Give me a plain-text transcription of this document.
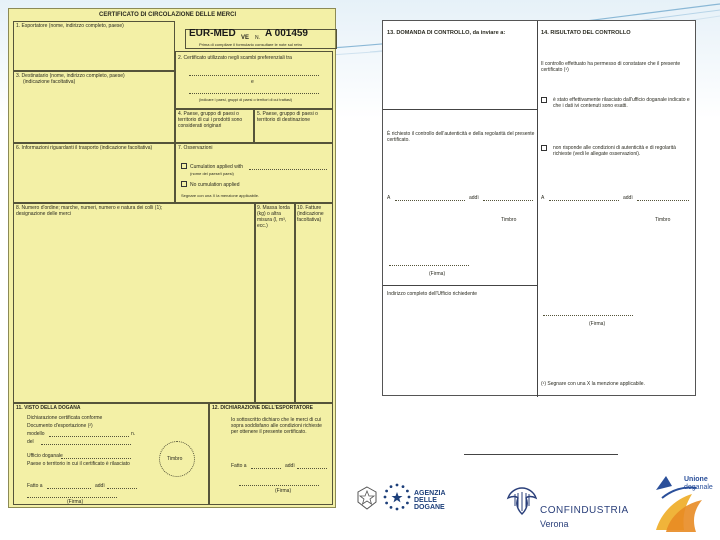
CERTIFICATO DI CIRCOLAZIONE DELLE MERCI
1. Esportatore (nome, indirizzo completo, paese)
EUR-MED VE N. A 001459
Prima di compilare il formulario consultare le note sul retro
2. Certificato utilizzato negli scambi preferenziali tra
e
(indicare i paesi, gruppi di paesi o territori di cui trattasi)
3. Destinatario (nome, indirizzo completo, paese)
(indicazione facoltativa)
4. Paese, gruppo di paesi o territorio di cui i prodotti sono considerati originari
5. Paese, gruppo di paesi o territorio di destinazione
6. Informazioni riguardanti il trasporto (indicazione facoltativa)	7. Osservazioni
Cumulation applied with
(nome del paese/i paesi)
No cumulation applied
Segnare con una X la menzione applicabile.
8. Numero d'ordine; marche, numeri, numero e natura dei colli (1); designazione delle merci
9. Massa lorda (kg) o altra misura (l, m³, ecc.)
10. Fatture (indicazione facoltativa)
11. VISTO DELLA DOGANA
Dichiarazione certificata conforme
Documento d'esportazione (²)
modello	n.
del
Ufficio doganale
Paese o territorio in cui il certificato è rilasciato
Timbro
Fatto a	addì
(Firma)
12. DICHIARAZIONE DELL'ESPORTATORE
Io sottoscritto dichiaro che le merci di cui sopra soddisfano alle condizioni richieste per ottenere il presente certificato.
Fatto a	addì
(Firma)
13. DOMANDA DI CONTROLLO, da inviare a:	14. RISULTATO DEL CONTROLLO
Il controllo effettuato ha permesso di constatare che il presente certificato (¹)
è stato effettivamente rilasciato dall'ufficio doganale indicato e che i dati ivi contenuti sono esatti.
non risponde alle condizioni di autenticità e di regolarità richieste (vedi le allegate osservazioni).
È richiesto il controllo dell'autenticità e della regolarità del presente certificato.
A	addì	A	addì
Timbro	Timbro
(Firma)
Indirizzo completo dell'Ufficio richiedente
(Firma)
(¹) Segnare con una X la menzione applicabile.
AGENZIA
DELLE
DOGANE	CONFINDUSTRIA
Verona
Unione
doganale
